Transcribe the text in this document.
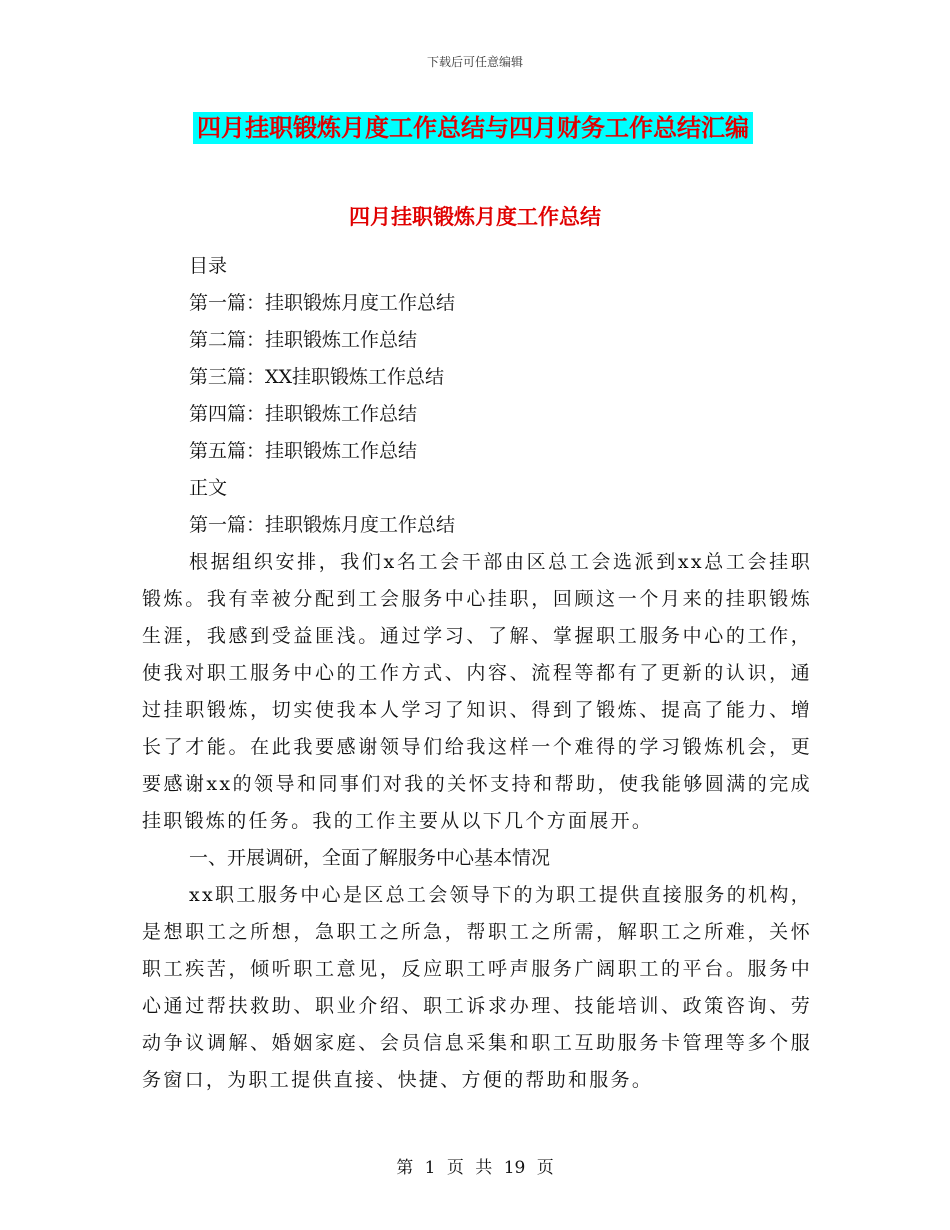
下载后可任意编辑
四月挂职锻炼月度工作总结与四月财务工作总结汇编
四月挂职锻炼月度工作总结
目录
第一篇：挂职锻炼月度工作总结
第二篇：挂职锻炼工作总结
第三篇：XX挂职锻炼工作总结
第四篇：挂职锻炼工作总结
第五篇：挂职锻炼工作总结
正文
第一篇：挂职锻炼月度工作总结
根据组织安排，我们x名工会干部由区总工会选派到xx总工会挂职锻炼。我有幸被分配到工会服务中心挂职，回顾这一个月来的挂职锻炼生涯，我感到受益匪浅。通过学习、了解、掌握职工服务中心的工作，使我对职工服务中心的工作方式、内容、流程等都有了更新的认识，通过挂职锻炼，切实使我本人学习了知识、得到了锻炼、提高了能力、增长了才能。在此我要感谢领导们给我这样一个难得的学习锻炼机会，更要感谢xx的领导和同事们对我的关怀支持和帮助，使我能够圆满的完成挂职锻炼的任务。我的工作主要从以下几个方面展开。
一、开展调研，全面了解服务中心基本情况
xx职工服务中心是区总工会领导下的为职工提供直接服务的机构，是想职工之所想，急职工之所急，帮职工之所需，解职工之所难，关怀职工疾苦，倾听职工意见，反应职工呼声服务广阔职工的平台。服务中心通过帮扶救助、职业介绍、职工诉求办理、技能培训、政策咨询、劳动争议调解、婚姻家庭、会员信息采集和职工互助服务卡管理等多个服务窗口，为职工提供直接、快捷、方便的帮助和服务。
第 1 页 共 19 页
